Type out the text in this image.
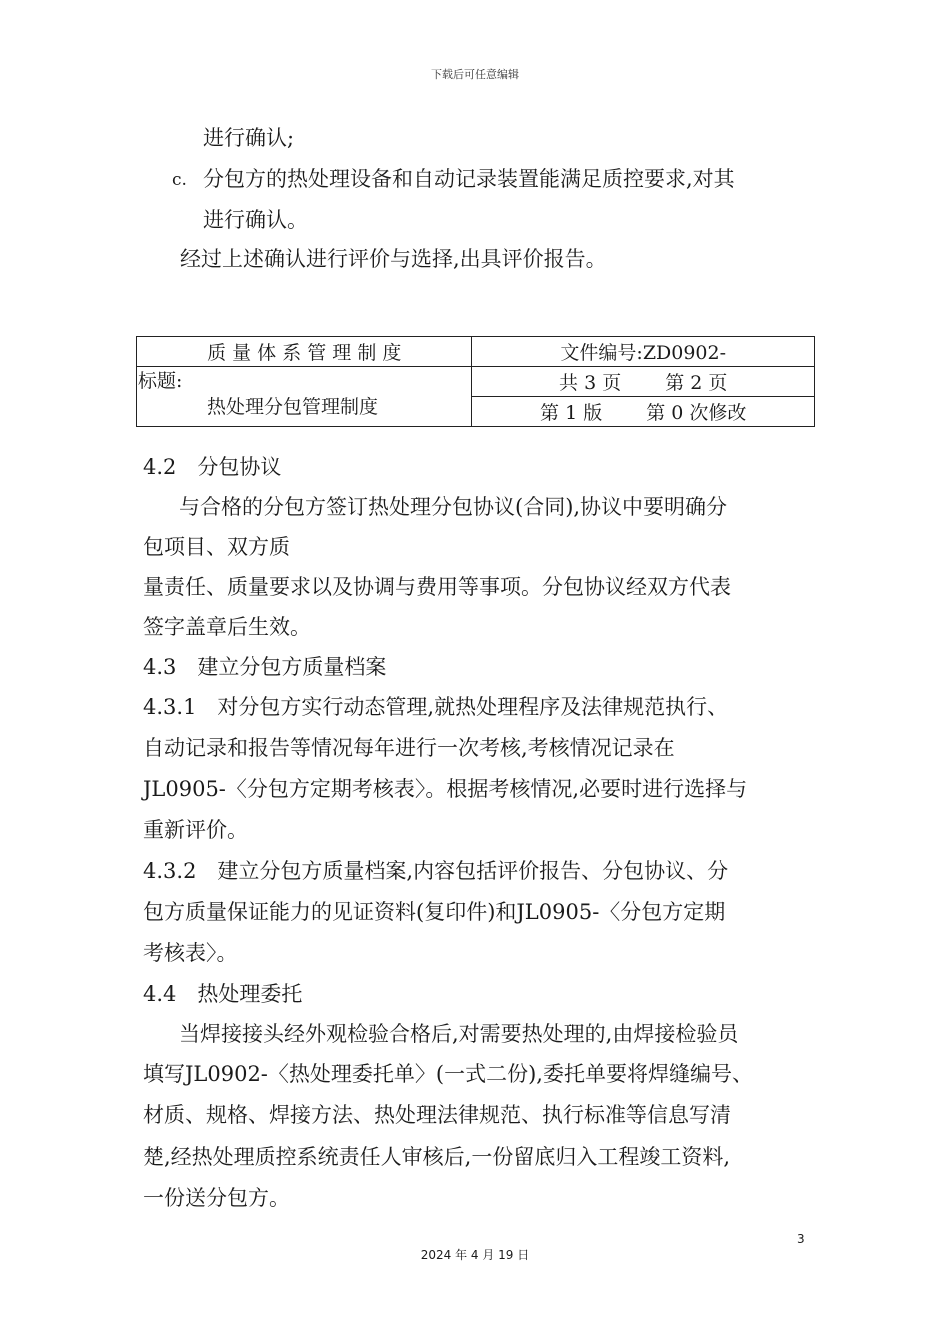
下载后可任意编辑
进行确认;
c. 分包方的热处理设备和自动记录装置能满足质控要求,对其
进行确认。
经过上述确认进行评价与选择,出具评价报告。
质 量 体 系 管 理 制 度	文件编号:ZD0902-

标题:
热处理分包管理制度	共 3 页　　 第 2 页
	第 1 版　　 第 0 次修改
4.2　分包协议
　与合格的分包方签订热处理分包协议(合同),协议中要明确分
包项目、双方质
量责任、质量要求以及协调与费用等事项。分包协议经双方代表
签字盖章后生效。
4.3　建立分包方质量档案
4.3.1　对分包方实行动态管理,就热处理程序及法律规范执行、
自动记录和报告等情况每年进行一次考核,考核情况记录在
JL0905-〈分包方定期考核表〉。根据考核情况,必要时进行选择与
重新评价。
4.3.2　建立分包方质量档案,内容包括评价报告、分包协议、分
包方质量保证能力的见证资料(复印件)和JL0905-〈分包方定期
考核表〉。
4.4　热处理委托
　当焊接接头经外观检验合格后,对需要热处理的,由焊接检验员
填写JL0902-〈热处理委托单〉(一式二份),委托单要将焊缝编号、
材质、规格、焊接方法、热处理法律规范、执行标准等信息写清
楚,经热处理质控系统责任人审核后,一份留底归入工程竣工资料,
一份送分包方。
3
2024 年 4 月 19 日
